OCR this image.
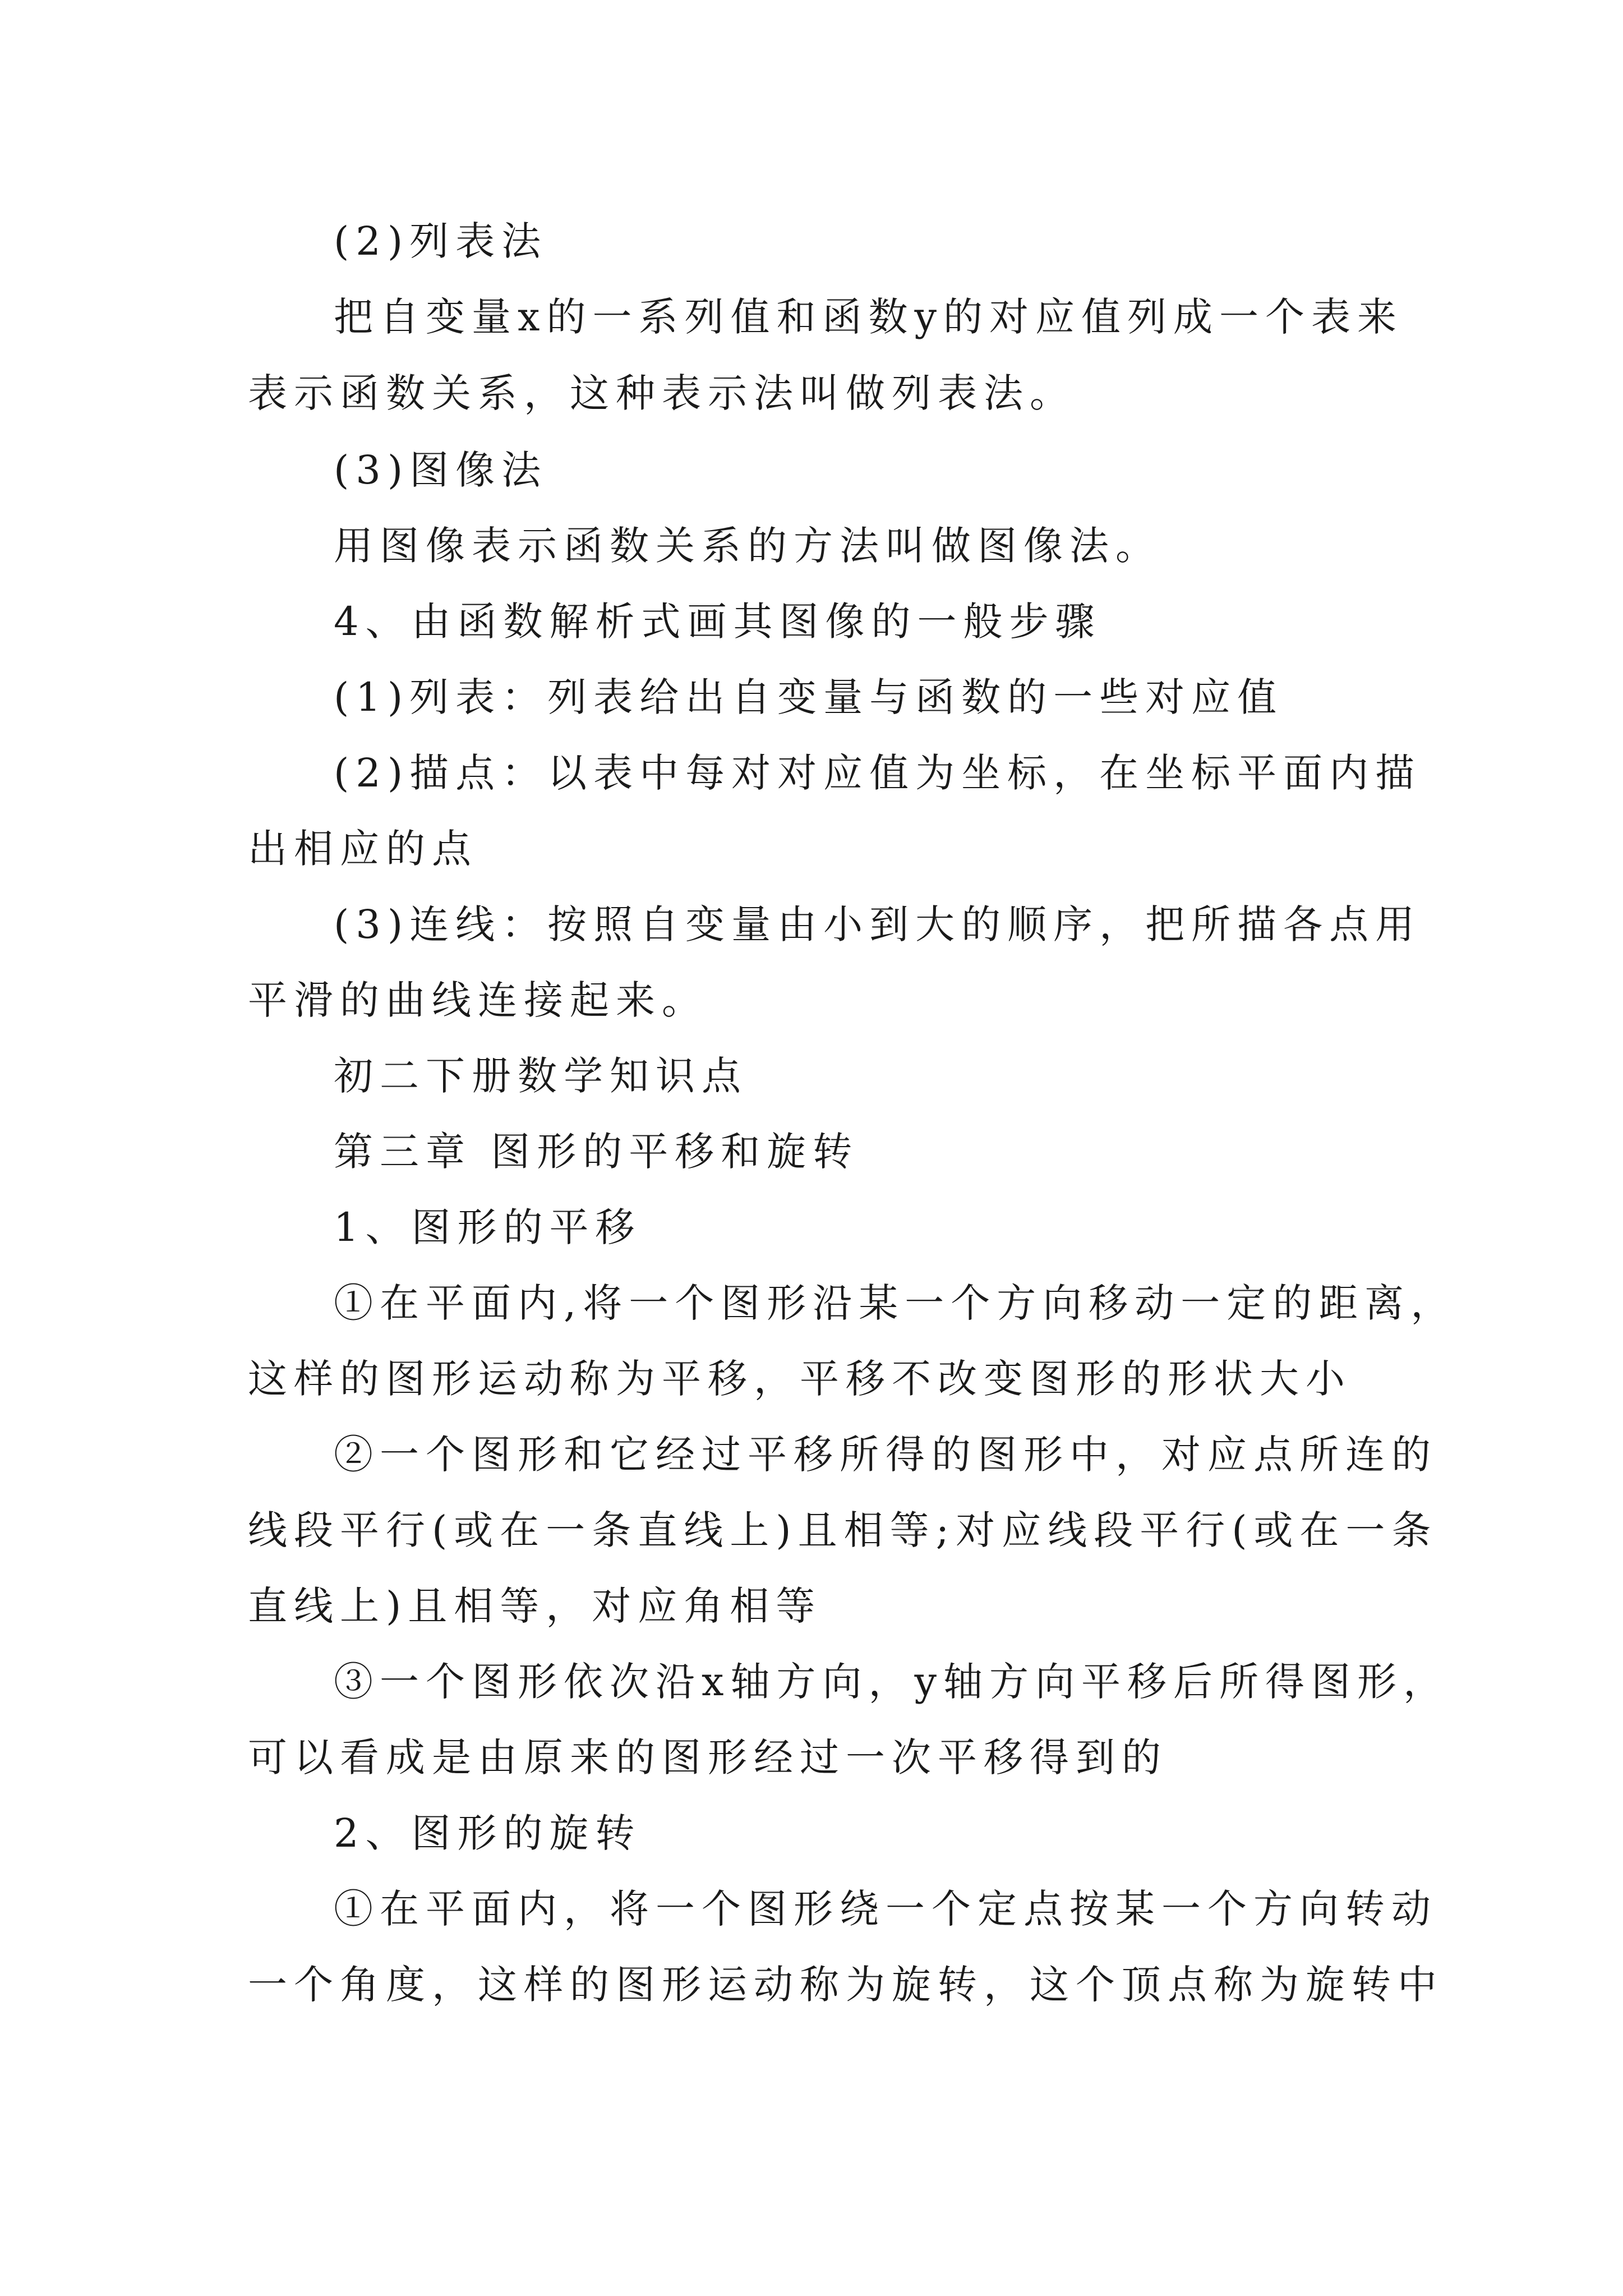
(2)列表法
把自变量x的一系列值和函数y的对应值列成一个表来
表示函数关系，这种表示法叫做列表法。
(3)图像法
用图像表示函数关系的方法叫做图像法。
4、由函数解析式画其图像的一般步骤
(1)列表：列表给出自变量与函数的一些对应值
(2)描点：以表中每对对应值为坐标，在坐标平面内描
出相应的点
(3)连线：按照自变量由小到大的顺序，把所描各点用
平滑的曲线连接起来。
初二下册数学知识点
第三章 图形的平移和旋转
1、图形的平移
①在平面内,将一个图形沿某一个方向移动一定的距离，
这样的图形运动称为平移，平移不改变图形的形状大小
②一个图形和它经过平移所得的图形中，对应点所连的
线段平行(或在一条直线上)且相等;对应线段平行(或在一条
直线上)且相等，对应角相等
③一个图形依次沿x轴方向，y轴方向平移后所得图形，
可以看成是由原来的图形经过一次平移得到的
2、图形的旋转
①在平面内，将一个图形绕一个定点按某一个方向转动
一个角度，这样的图形运动称为旋转，这个顶点称为旋转中
